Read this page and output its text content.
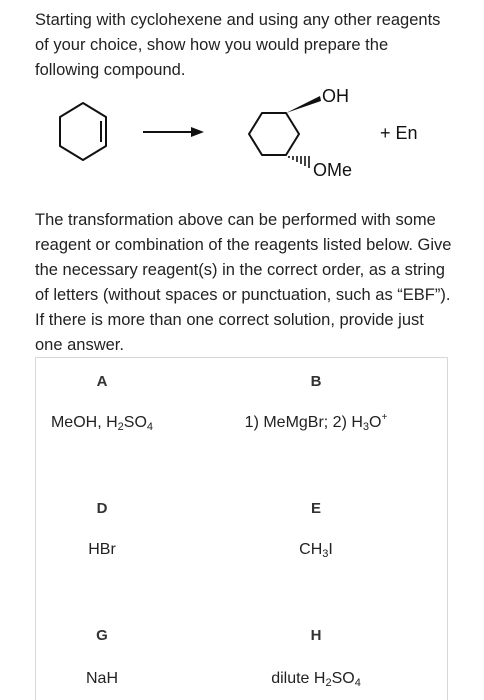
Starting with cyclohexene and using any other reagents of your choice, show how you would prepare the following compound.

OH
OMe
+ En

The transformation above can be performed with some reagent or combination of the reagents listed below. Give the necessary reagent(s) in the correct order, as a string of letters (without spaces or punctuation, such as “EBF”). If there is more than one correct solution, provide just one answer.

A	B
MeOH, $H_2SO_4$	1) MeMgBr; 2) $H_3O^+$
D	E
HBr	$CH_3I$
G	H
NaH	dilute $H_2SO_4$
